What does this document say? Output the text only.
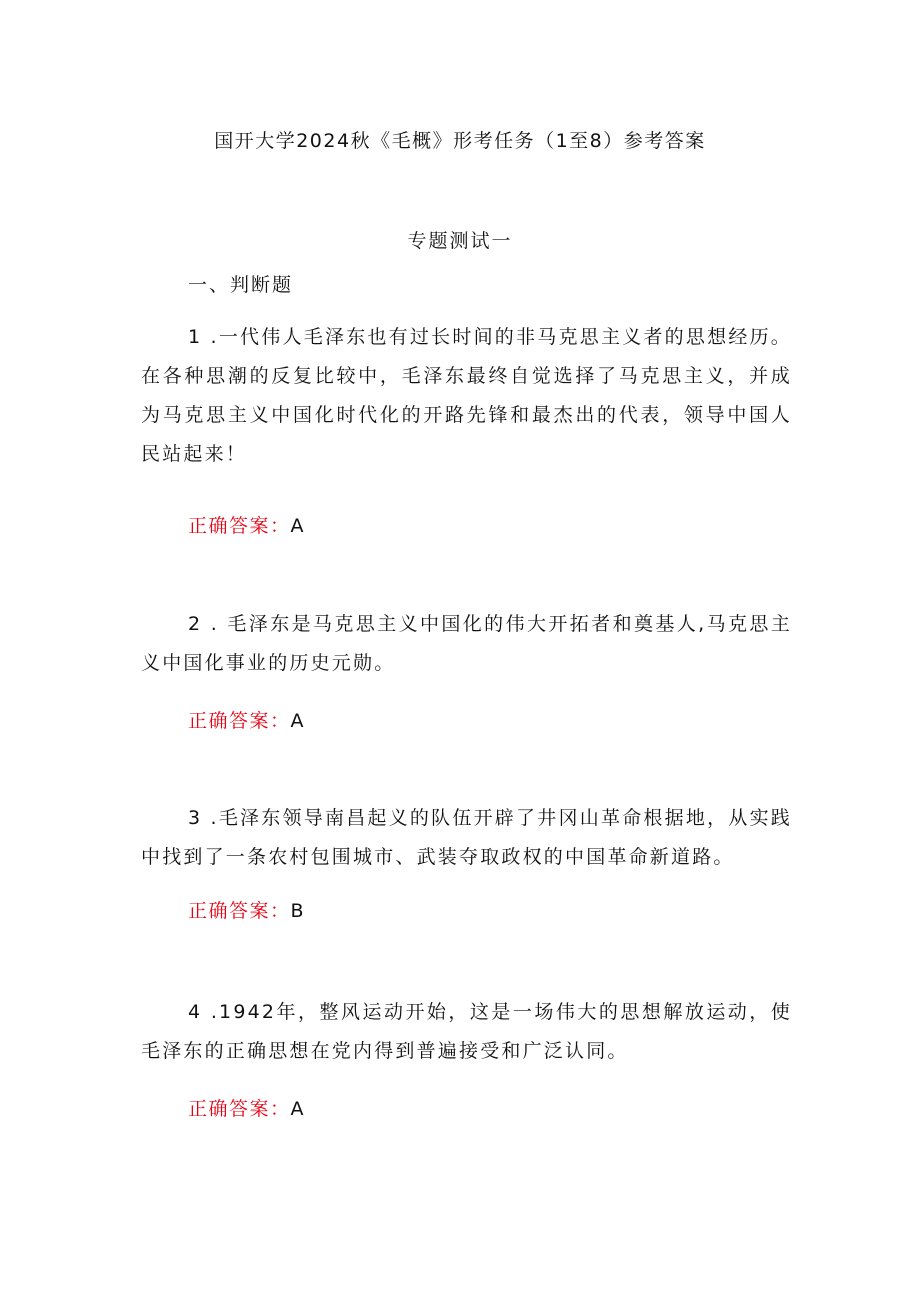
国开大学2024秋《毛概》形考任务（1至8）参考答案
专题测试一
一、判断题
1 .一代伟人毛泽东也有过长时间的非马克思主义者的思想经历。在各种思潮的反复比较中，毛泽东最终自觉选择了马克思主义，并成为马克思主义中国化时代化的开路先锋和最杰出的代表，领导中国人民站起来！
正确答案：A
2 . 毛泽东是马克思主义中国化的伟大开拓者和奠基人,马克思主义中国化事业的历史元勋。
正确答案：A
3 .毛泽东领导南昌起义的队伍开辟了井冈山革命根据地，从实践中找到了一条农村包围城市、武装夺取政权的中国革命新道路。
正确答案：B
4 .1942年，整风运动开始，这是一场伟大的思想解放运动，使毛泽东的正确思想在党内得到普遍接受和广泛认同。
正确答案：A
